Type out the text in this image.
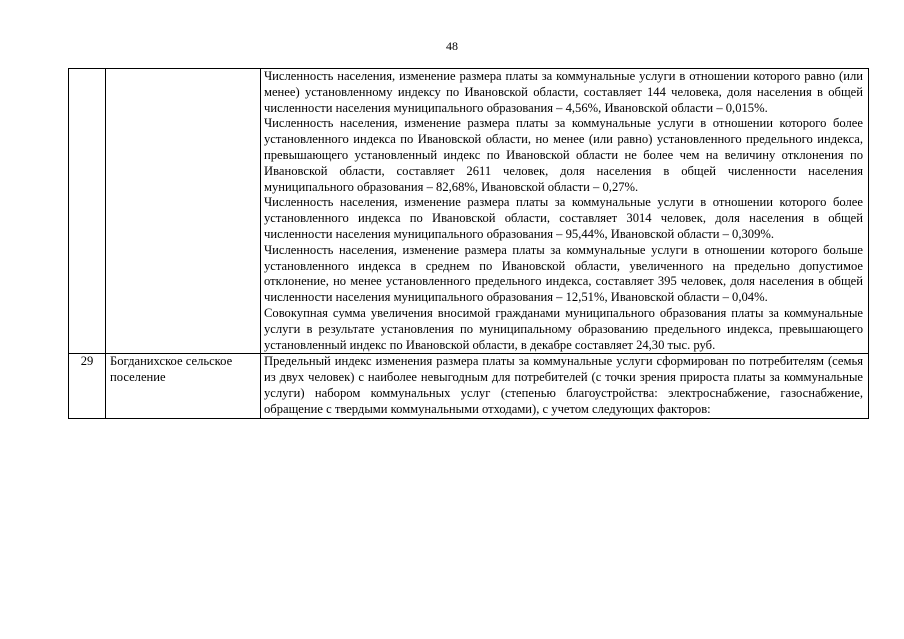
48

		Численность населения, изменение размера платы за коммунальные услуги в отношении которого равно (или менее) установленному индексу по Ивановской области, составляет 144 человека, доля населения в общей численности населения муниципального образования – 4,56%, Ивановской области – 0,015%.

Численность населения, изменение размера платы за коммунальные услуги в отношении которого более установленного индекса по Ивановской области, но менее (или равно) установленного предельного индекса, превышающего установленный индекс по Ивановской области не более чем на величину отклонения по Ивановской области, составляет 2611 человек, доля населения в общей численности населения муниципального образования – 82,68%, Ивановской области – 0,27%.

Численность населения, изменение размера платы за коммунальные услуги в отношении которого более установленного индекса по Ивановской области, составляет 3014 человек, доля населения в общей численности населения муниципального образования – 95,44%, Ивановской области – 0,309%.

Численность населения, изменение размера платы за коммунальные услуги в отношении которого больше установленного индекса в среднем по Ивановской области, увеличенного на предельно допустимое отклонение, но менее установленного предельного индекса, составляет 395 человек, доля населения в общей численности населения муниципального образования – 12,51%, Ивановской области – 0,04%.

Совокупная сумма увеличения вносимой гражданами муниципального образования платы за коммунальные услуги в результате установления по муниципальному образованию предельного индекса, превышающего установленный индекс по Ивановской области, в декабре составляет 24,30 тыс. руб.

29	Богданихское сельское поселение	Предельный индекс изменения размера платы за коммунальные услуги сформирован по потребителям (семья из двух человек) с наиболее невыгодным для потребителей (с точки зрения прироста платы за коммунальные услуги) набором коммунальных услуг (степенью благоустройства: электроснабжение, газоснабжение, обращение с твердыми коммунальными отходами), с учетом следующих факторов:
